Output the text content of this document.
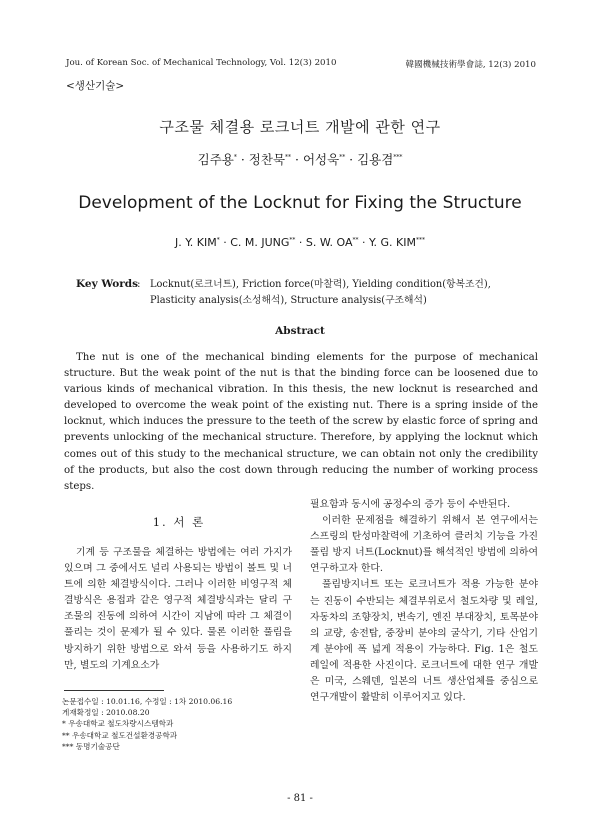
Jou. of Korean Soc. of Mechanical Technology, Vol. 12(3) 2010	韓國機械技術學會誌, 12(3) 2010
<생산기술>
구조물 체결용 로크너트 개발에 관한 연구
김주용* · 정찬묵** · 어성욱** · 김용겸***
Development of the Locknut for Fixing the Structure
J. Y. KIM* · C. M. JUNG** · S. W. OA** · Y. G. KIM***
Key Words
: Locknut(로크너트), Friction force(마찰력), Yielding condition(항복조건), Plasticity analysis(소성해석), Structure analysis(구조해석)
Abstract
The nut is one of the mechanical binding elements for the purpose of mechanical structure. But the weak point of the nut is that the binding force can be loosened due to various kinds of mechanical vibration. In this thesis, the new locknut is researched and developed to overcome the weak point of the existing nut. There is a spring inside of the locknut, which induces the pressure to the teeth of the screw by elastic force of spring and prevents unlocking of the mechanical structure. Therefore, by applying the locknut which comes out of this study to the mechanical structure, we can obtain not only the credibility of the products, but also the cost down through reducing the number of working process steps.
1. 서 론

기계 등 구조물을 체결하는 방법에는 여러 가지가 있으며 그 중에서도 널리 사용되는 방법이 볼트 및 너트에 의한 체결방식이다. 그러나 이러한 비영구적 체결방식은 용접과 같은 영구적 체결방식과는 달리 구조물의 진동에 의하여 시간이 지남에 따라 그 체결이 풀리는 것이 문제가 될 수 있다. 물론 이러한 풀림을 방지하기 위한 방법으로 와셔 등을 사용하기도 하지만, 별도의 기계요소가

필요함과 동시에 공정수의 증가 등이 수반된다.

이러한 문제점을 해결하기 위해서 본 연구에서는 스프링의 탄성마찰력에 기초하여 클러치 기능을 가진 풀림 방지 너트(Locknut)를 해석적인 방법에 의하여 연구하고자 한다.

풀림방지너트 또는 로크너트가 적용 가능한 분야는 진동이 수반되는 체결부위로서 철도차량 및 레일, 자동차의 조향장치, 변속기, 엔진 부대장치, 토목분야의 교량, 송전탑, 중장비 분야의 굴삭기, 기타 산업기계 분야에 폭 넓게 적용이 가능하다. Fig. 1은 철도 레일에 적용한 사진이다. 로크너트에 대한 연구 개발은 미국, 스웨덴, 일본의 너트 생산업체를 중심으로 연구개발이 활발히 이루어지고 있다.

논문접수일 : 10.01.16, 수정일 : 1차 2010.06.16
게재확정일 : 2010.08.20
* 우송대학교 철도차량시스템학과
** 우송대학교 철도건설환경공학과
*** 동명기술공단
- 81 -
